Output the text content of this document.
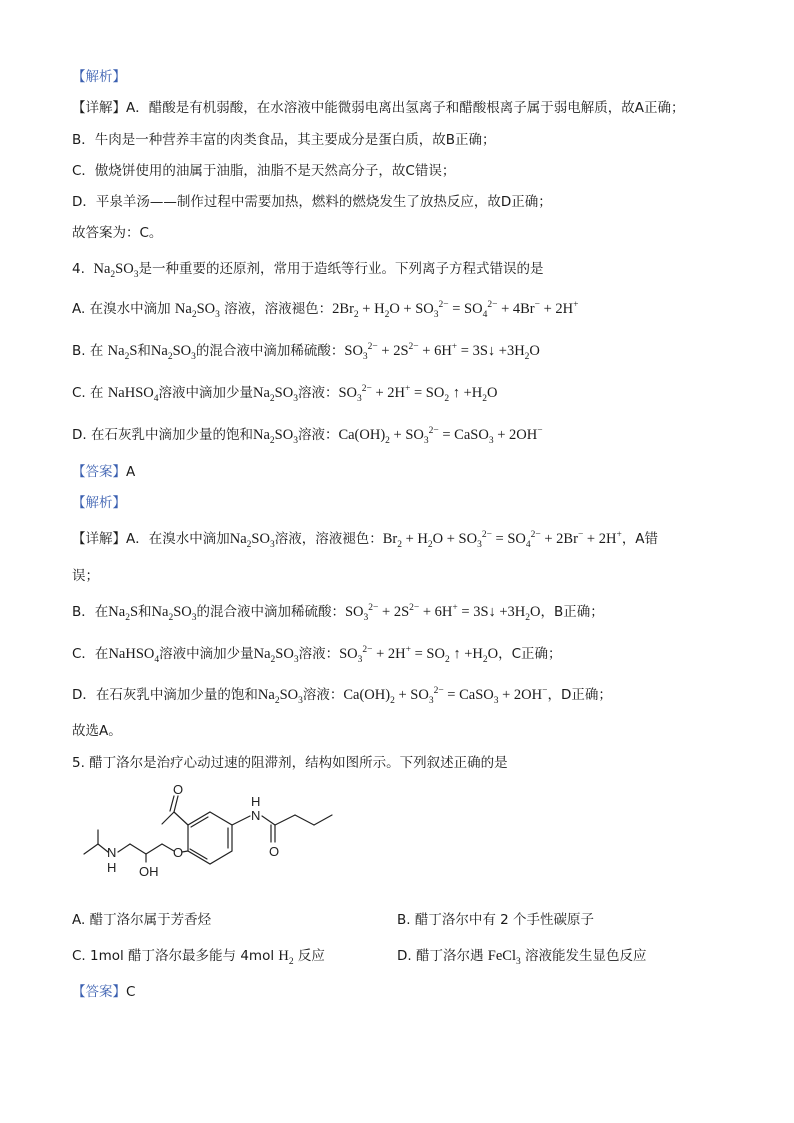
【解析】
【详解】A．醋酸是有机弱酸，在水溶液中能微弱电离出氢离子和醋酸根离子属于弱电解质，故A正确；
B．牛肉是一种营养丰富的肉类食品，其主要成分是蛋白质，故B正确；
C．傲烧饼使用的油属于油脂，油脂不是天然高分子，故C错误；
D．平泉羊汤——制作过程中需要加热，燃料的燃烧发生了放热反应，故D正确；
故答案为：C。
4. $Na_2SO_3$是一种重要的还原剂，常用于造纸等行业。下列离子方程式错误的是
A. 在溴水中滴加 $Na_2SO_3$ 溶液，溶液褪色：$2Br_2 + H_2O + SO_3^{2-} = SO_4^{2-} + 4Br^- + 2H^+$
B. 在 $Na_2S$和$Na_2SO_3$的混合液中滴加稀硫酸：$SO_3^{2-} + 2S^{2-} + 6H^+$ = 3S↓ $+3H_2O$
C. 在 NaHSO$_4$溶液中滴加少量$Na_2SO_3$溶液：$SO_3^{2-} + 2H^+ = SO_2$ ↑ $+H_2O$
D. 在石灰乳中滴加少量的饱和$Na_2SO_3$溶液：$Ca(OH)_2 + SO_3^{2-}$ = CaSO$_3$ + 2OH−
【答案】A
【解析】
【详解】A．在溴水中滴加$Na_2SO_3$溶液，溶液褪色：$Br_2 + H_2O + SO_3^{2-} = SO_4^{2-} + 2Br^- + 2H^+$，A错
误；
B．在$Na_2S$和$Na_2SO_3$的混合液中滴加稀硫酸：$SO_3^{2-} + 2S^{2-} + 6H^+$ = 3S↓ $+3H_2O$，B正确；
C．在NaHSO$_4$溶液中滴加少量$Na_2SO_3$溶液：$SO_3^{2-} + 2H^+ = SO_2$ ↑ $+H_2O$，C正确；
D．在石灰乳中滴加少量的饱和$Na_2SO_3$溶液：$Ca(OH)_2 + SO_3^{2-}$ = CaSO$_3$ + 2OH−，D正确；
故选A。
5. 醋丁洛尔是治疗心动过速的阻滞剂，结构如图所示。下列叙述正确的是
O
N
H
O
O
OH
N
H
A. 醋丁洛尔属于芳香烃	B. 醋丁洛尔中有 2 个手性碳原子
C. 1mol 醋丁洛尔最多能与 4mol $H_2$ 反应	D. 醋丁洛尔遇 FeCl$_3$ 溶液能发生显色反应
【答案】C
